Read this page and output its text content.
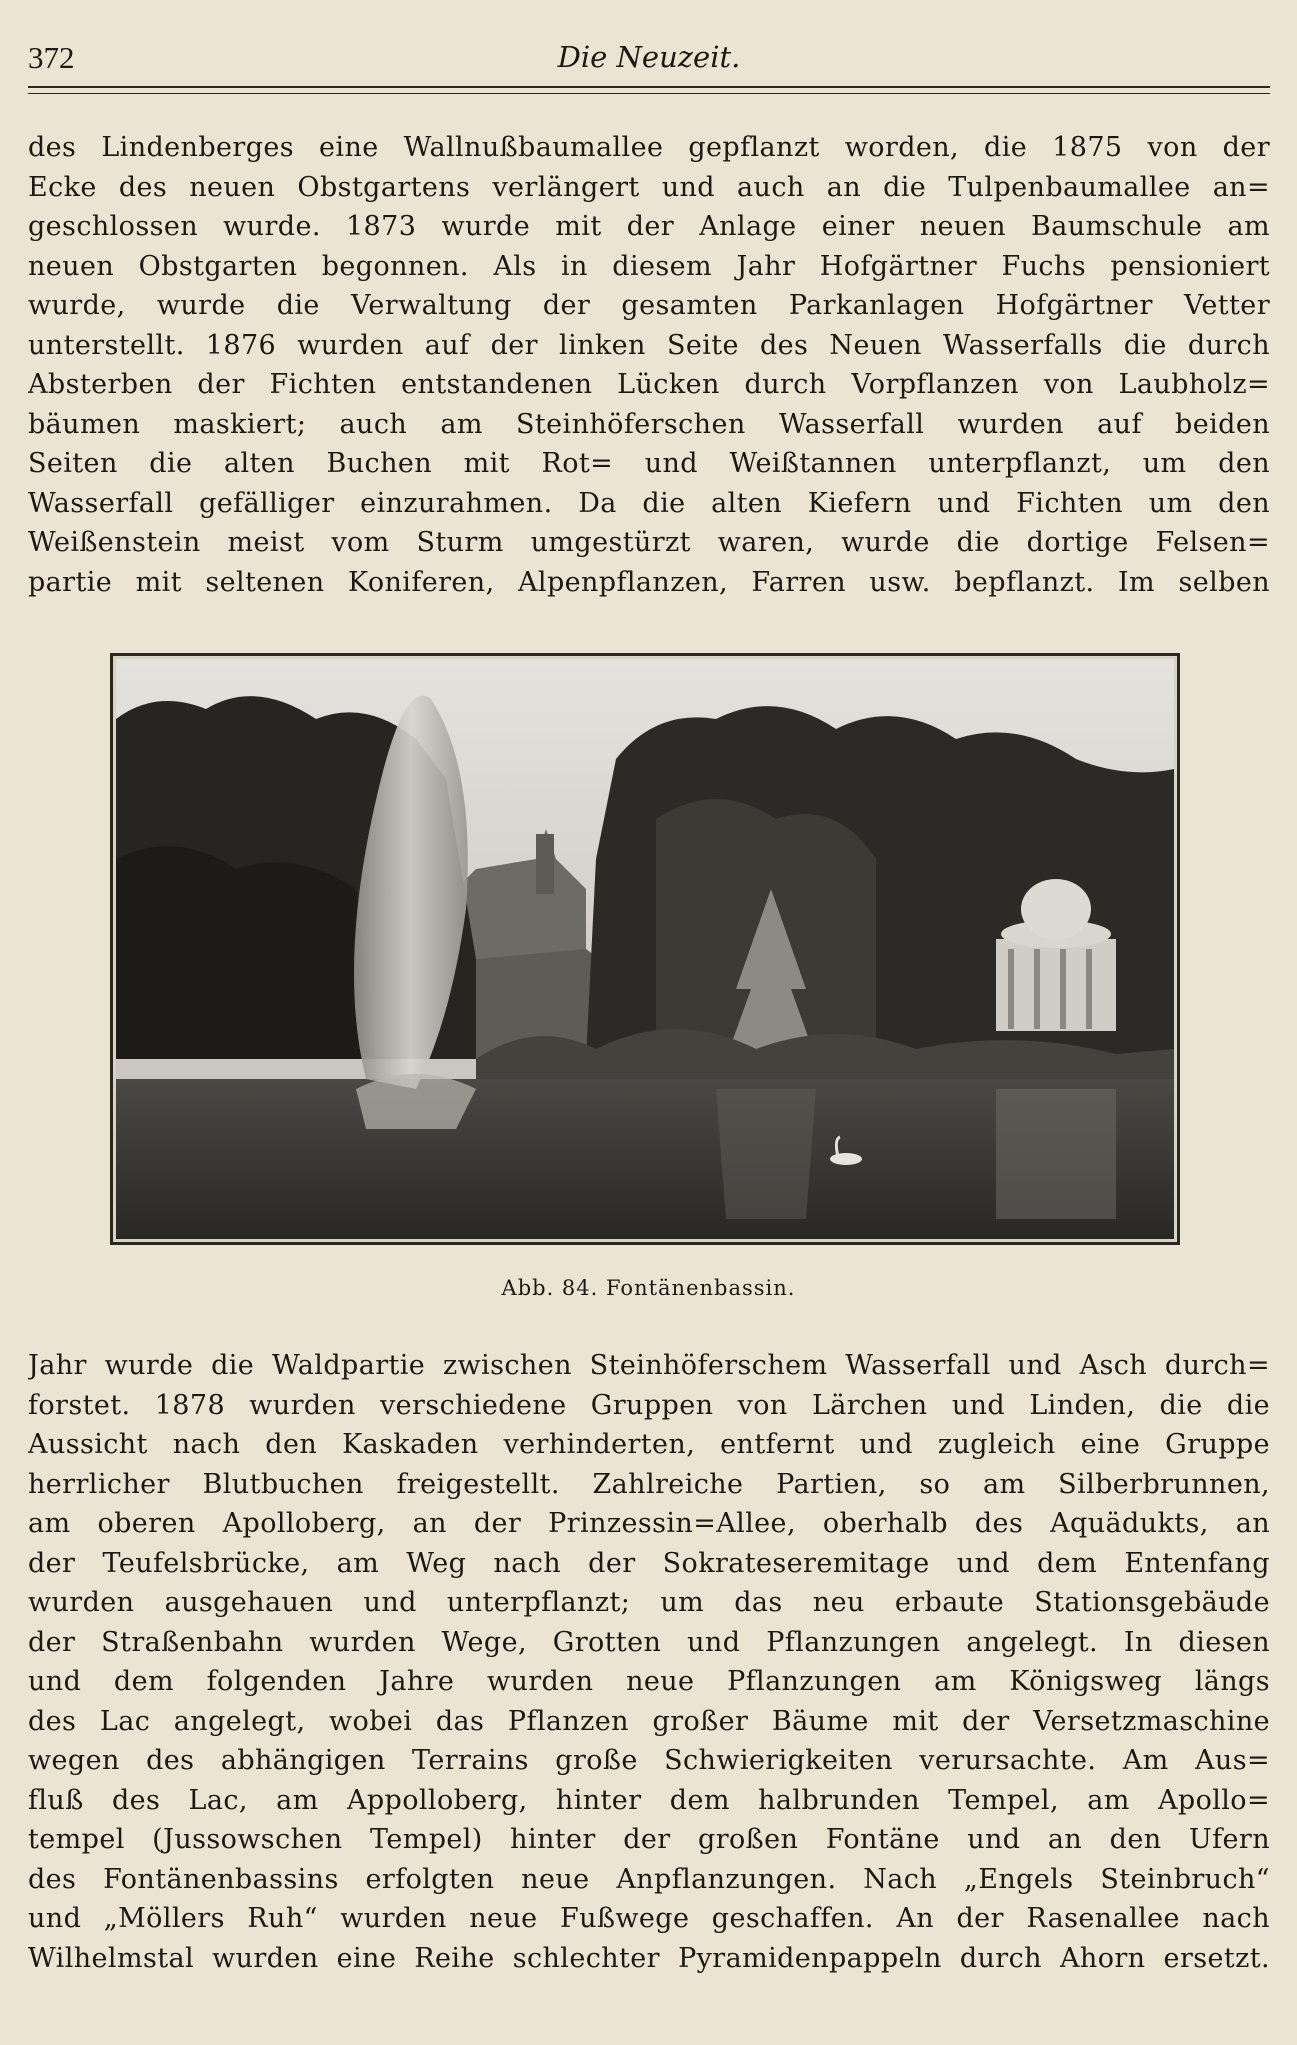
372	Die Neuzeit.

des Lindenberges eine Wallnußbaumallee gepflanzt worden, die 1875 von der
Ecke des neuen Obstgartens verlängert und auch an die Tulpenbaumallee an=
geschlossen wurde. 1873 wurde mit der Anlage einer neuen Baumschule am
neuen Obstgarten begonnen. Als in diesem Jahr Hofgärtner Fuchs pensioniert
wurde, wurde die Verwaltung der gesamten Parkanlagen Hofgärtner Vetter
unterstellt. 1876 wurden auf der linken Seite des Neuen Wasserfalls die durch
Absterben der Fichten entstandenen Lücken durch Vorpflanzen von Laubholz=
bäumen maskiert; auch am Steinhöferschen Wasserfall wurden auf beiden
Seiten die alten Buchen mit Rot= und Weißtannen unterpflanzt, um den
Wasserfall gefälliger einzurahmen. Da die alten Kiefern und Fichten um den
Weißenstein meist vom Sturm umgestürzt waren, wurde die dortige Felsen=
partie mit seltenen Koniferen, Alpenpflanzen, Farren usw. bepflanzt. Im selben

Abb. 84. Fontänenbassin.

Jahr wurde die Waldpartie zwischen Steinhöferschem Wasserfall und Asch durch=
forstet. 1878 wurden verschiedene Gruppen von Lärchen und Linden, die die
Aussicht nach den Kaskaden verhinderten, entfernt und zugleich eine Gruppe
herrlicher Blutbuchen freigestellt. Zahlreiche Partien, so am Silberbrunnen,
am oberen Apolloberg, an der Prinzessin=Allee, oberhalb des Aquädukts, an
der Teufelsbrücke, am Weg nach der Sokrateseremitage und dem Entenfang
wurden ausgehauen und unterpflanzt; um das neu erbaute Stationsgebäude
der Straßenbahn wurden Wege, Grotten und Pflanzungen angelegt. In diesen
und dem folgenden Jahre wurden neue Pflanzungen am Königsweg längs
des Lac angelegt, wobei das Pflanzen großer Bäume mit der Versetzmaschine
wegen des abhängigen Terrains große Schwierigkeiten verursachte. Am Aus=
fluß des Lac, am Appolloberg, hinter dem halbrunden Tempel, am Apollo=
tempel (Jussowschen Tempel) hinter der großen Fontäne und an den Ufern
des Fontänenbassins erfolgten neue Anpflanzungen. Nach „Engels Steinbruch“
und „Möllers Ruh“ wurden neue Fußwege geschaffen. An der Rasenallee nach
Wilhelmstal wurden eine Reihe schlechter Pyramidenpappeln durch Ahorn ersetzt.
